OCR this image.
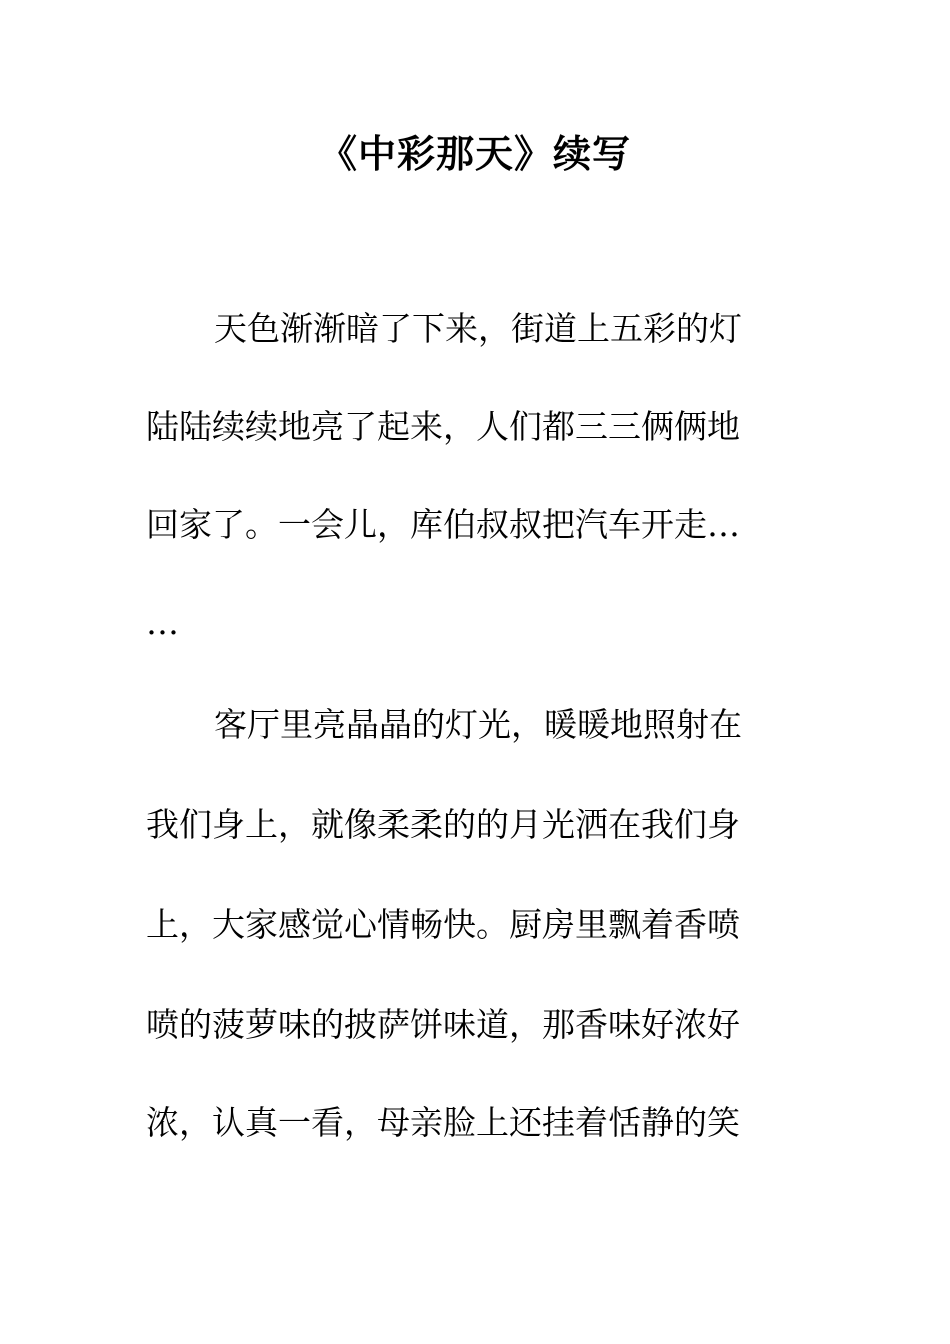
《中彩那天》续写

天色渐渐暗了下来，街道上五彩的灯

陆陆续续地亮了起来，人们都三三俩俩地

回家了。一会儿，库伯叔叔把汽车开走…

…

客厅里亮晶晶的灯光，暖暖地照射在

我们身上，就像柔柔的的月光洒在我们身

上，大家感觉心情畅快。厨房里飘着香喷

喷的菠萝味的披萨饼味道，那香味好浓好

浓，认真一看，母亲脸上还挂着恬静的笑
